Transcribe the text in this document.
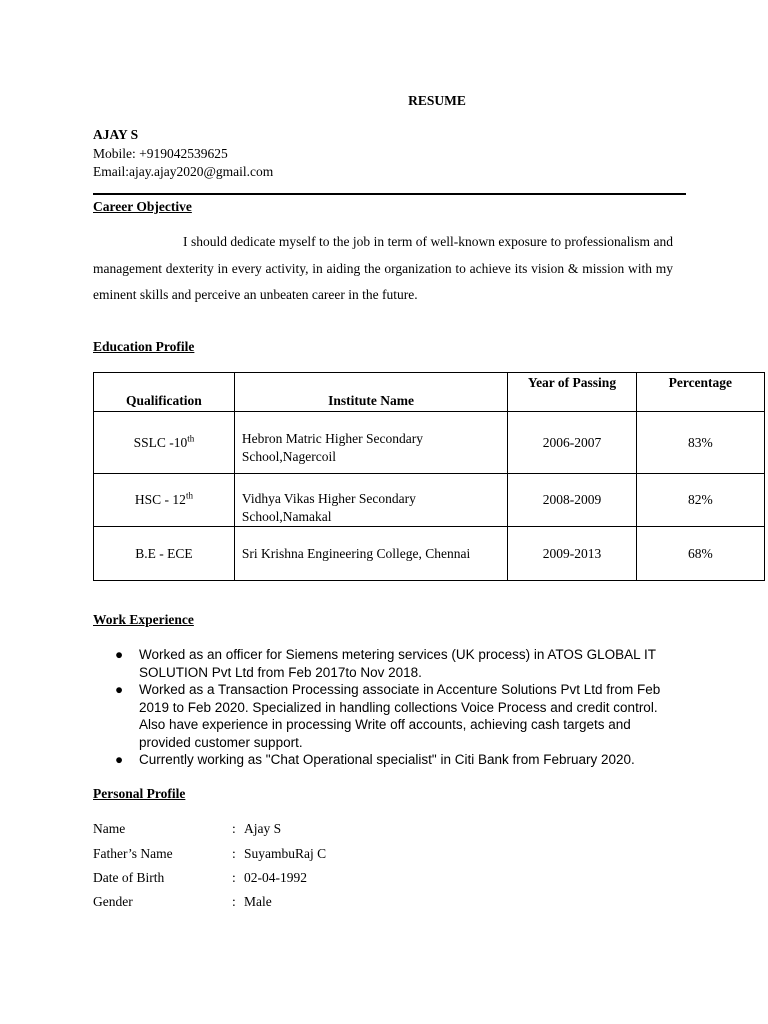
RESUME
AJAY S
Mobile: +919042539625
Email:ajay.ajay2020@gmail.com
Career Objective
I should dedicate myself to the job in term of well-known exposure to professionalism and management dexterity in every activity, in aiding the organization to achieve its vision & mission with my eminent skills and perceive an unbeaten career in the future.
Education Profile
Qualification	Institute Name	Year of Passing	Percentage
SSLC -10th	Hebron Matric Higher Secondary School,Nagercoil	2006-2007	83%
HSC - 12th	Vidhya Vikas Higher Secondary School,Namakal	2008-2009	82%
B.E - ECE	Sri Krishna Engineering College, Chennai	2009-2013	68%
Work Experience
● Worked as an officer for Siemens metering services (UK process) in ATOS GLOBAL IT SOLUTION Pvt Ltd from Feb 2017to Nov 2018.
● Worked as a Transaction Processing associate in Accenture Solutions Pvt Ltd from Feb 2019 to Feb 2020. Specialized in handling collections Voice Process and credit control. Also have experience in processing Write off accounts, achieving cash targets and provided customer support.
● Currently working as "Chat Operational specialist" in Citi Bank from February 2020.
Personal Profile
Name	: Ajay S
Father’s Name	: SuyambuRaj C
Date of Birth	: 02-04-1992
Gender	: Male
